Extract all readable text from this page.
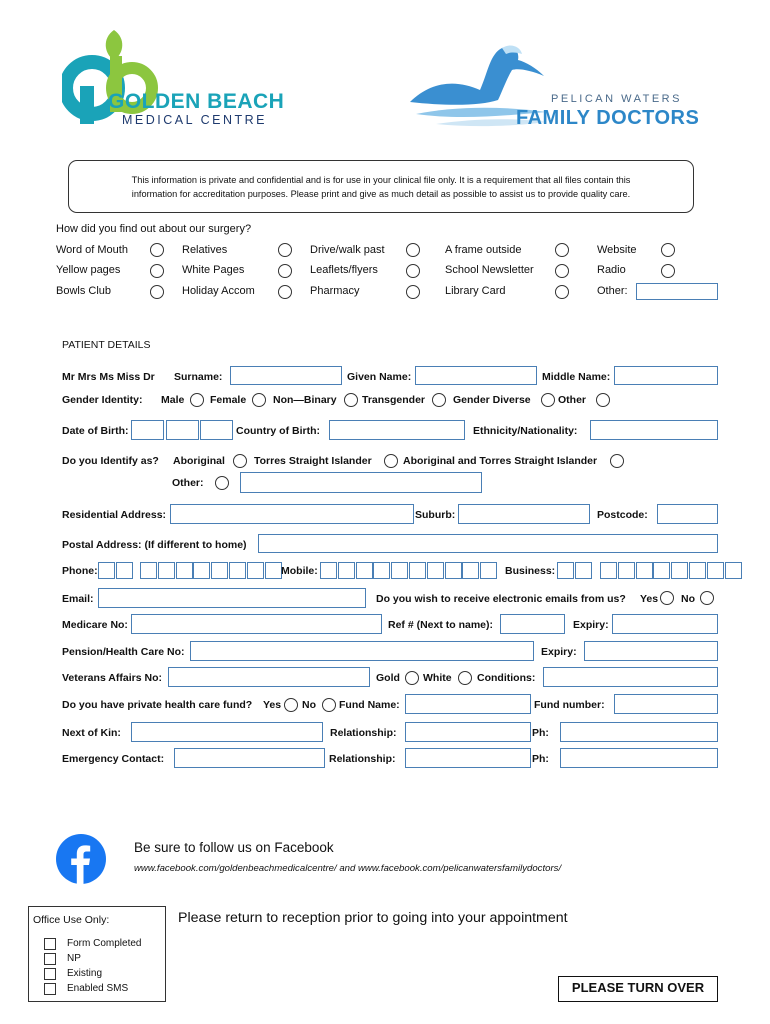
GOLDEN BEACH
MEDICAL CENTRE
PELICAN WATERS
FAMILY DOCTORS
This information is private and confidential and is for use in your clinical file only. It is a requirement that all files contain this
information for accreditation purposes. Please print and give as much detail as possible to assist us to provide quality care.
How did you find out about our surgery?
Word of Mouth	Relatives	Drive/walk past	A frame outside	Website
Yellow pages	White Pages	Leaflets/flyers	School Newsletter	Radio
Bowls Club	Holiday Accom	Pharmacy	Library Card	Other:
PATIENT DETAILS
Mr Mrs Ms Miss Dr Surname:	Given Name:	Middle Name:
Gender Identity: Male Female	Non—Binary Transgender	Gender Diverse	Other
Date of Birth:	Country of Birth:	Ethnicity/Nationality:
Do you Identify as? Aboriginal	Torres Straight Islander	Aboriginal and Torres Straight Islander
Other:
Residential Address:	Suburb:	Postcode:
Postal Address: (If different to home)
Phone:	Mobile:	Business:
Email:	Do you wish to receive electronic emails from us? Yes No
Medicare No:	Ref # (Next to name):	Expiry:
Pension/Health Care No:	Expiry:
Veterans Affairs No:	Gold White Conditions:
Do you have private health care fund? Yes No Fund Name:	Fund number:
Next of Kin:	Relationship:	Ph:
Emergency Contact:	Relationship:	Ph:
Be sure to follow us on Facebook
www.facebook.com/goldenbeachmedicalcentre/ and www.facebook.com/pelicanwatersfamilydoctors/
Office Use Only:
Form Completed
NP
Existing
Enabled SMS
Please return to reception prior to going into your appointment
PLEASE TURN OVER
